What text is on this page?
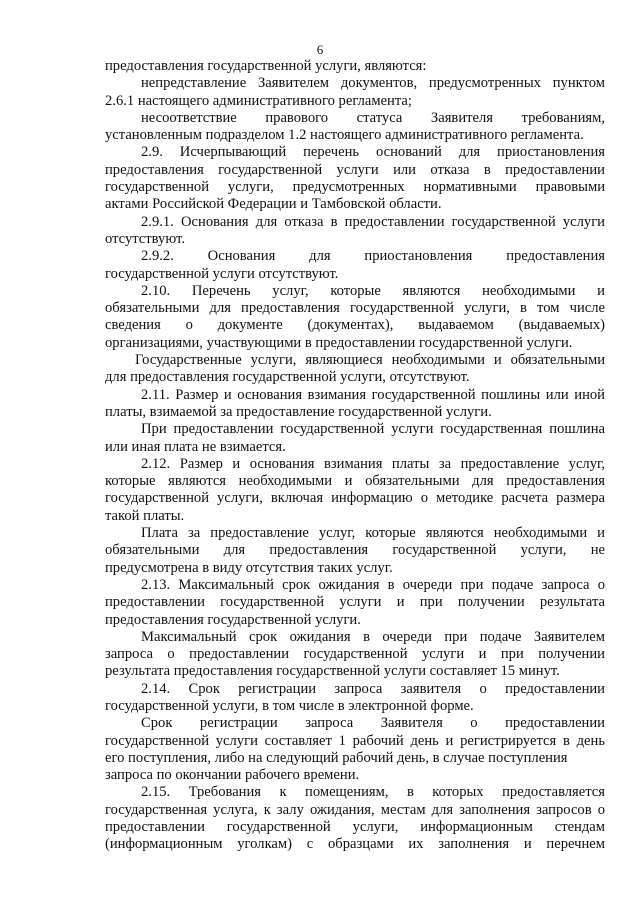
6
предоставления государственной услуги, являются:
непредставление Заявителем документов, предусмотренных пунктом
2.6.1 настоящего административного регламента;
несоответствие правового статуса Заявителя требованиям,
установленным подразделом 1.2 настоящего административного регламента.
2.9. Исчерпывающий перечень оснований для приостановления
предоставления государственной услуги или отказа в предоставлении
государственной услуги, предусмотренных нормативными правовыми
актами Российской Федерации и Тамбовской области.
2.9.1. Основания для отказа в предоставлении государственной услуги
отсутствуют.
2.9.2. Основания для приостановления предоставления
государственной услуги отсутствуют.
2.10. Перечень услуг, которые являются необходимыми и
обязательными для предоставления государственной услуги, в том числе
сведения о документе (документах), выдаваемом (выдаваемых)
организациями, участвующими в предоставлении государственной услуги.
Государственные услуги, являющиеся необходимыми и обязательными
для предоставления государственной услуги, отсутствуют.
2.11. Размер и основания взимания государственной пошлины или иной
платы, взимаемой за предоставление государственной услуги.
При предоставлении государственной услуги государственная пошлина
или иная плата не взимается.
2.12. Размер и основания взимания платы за предоставление услуг,
которые являются необходимыми и обязательными для предоставления
государственной услуги, включая информацию о методике расчета размера
такой платы.
Плата за предоставление услуг, которые являются необходимыми и
обязательными для предоставления государственной услуги, не
предусмотрена в виду отсутствия таких услуг.
2.13. Максимальный срок ожидания в очереди при подаче запроса о
предоставлении государственной услуги и при получении результата
предоставления государственной услуги.
Максимальный срок ожидания в очереди при подаче Заявителем
запроса о предоставлении государственной услуги и при получении
результата предоставления государственной услуги составляет 15 минут.
2.14. Срок регистрации запроса заявителя о предоставлении
государственной услуги, в том числе в электронной форме.
Срок регистрации запроса Заявителя о предоставлении
государственной услуги составляет 1 рабочий день и регистрируется в день
его поступления, либо на следующий рабочий день, в случае поступления
запроса по окончании рабочего времени.
2.15. Требования к помещениям, в которых предоставляется
государственная услуга, к залу ожидания, местам для заполнения запросов о
предоставлении государственной услуги, информационным стендам
(информационным уголкам) с образцами их заполнения и перечнем
